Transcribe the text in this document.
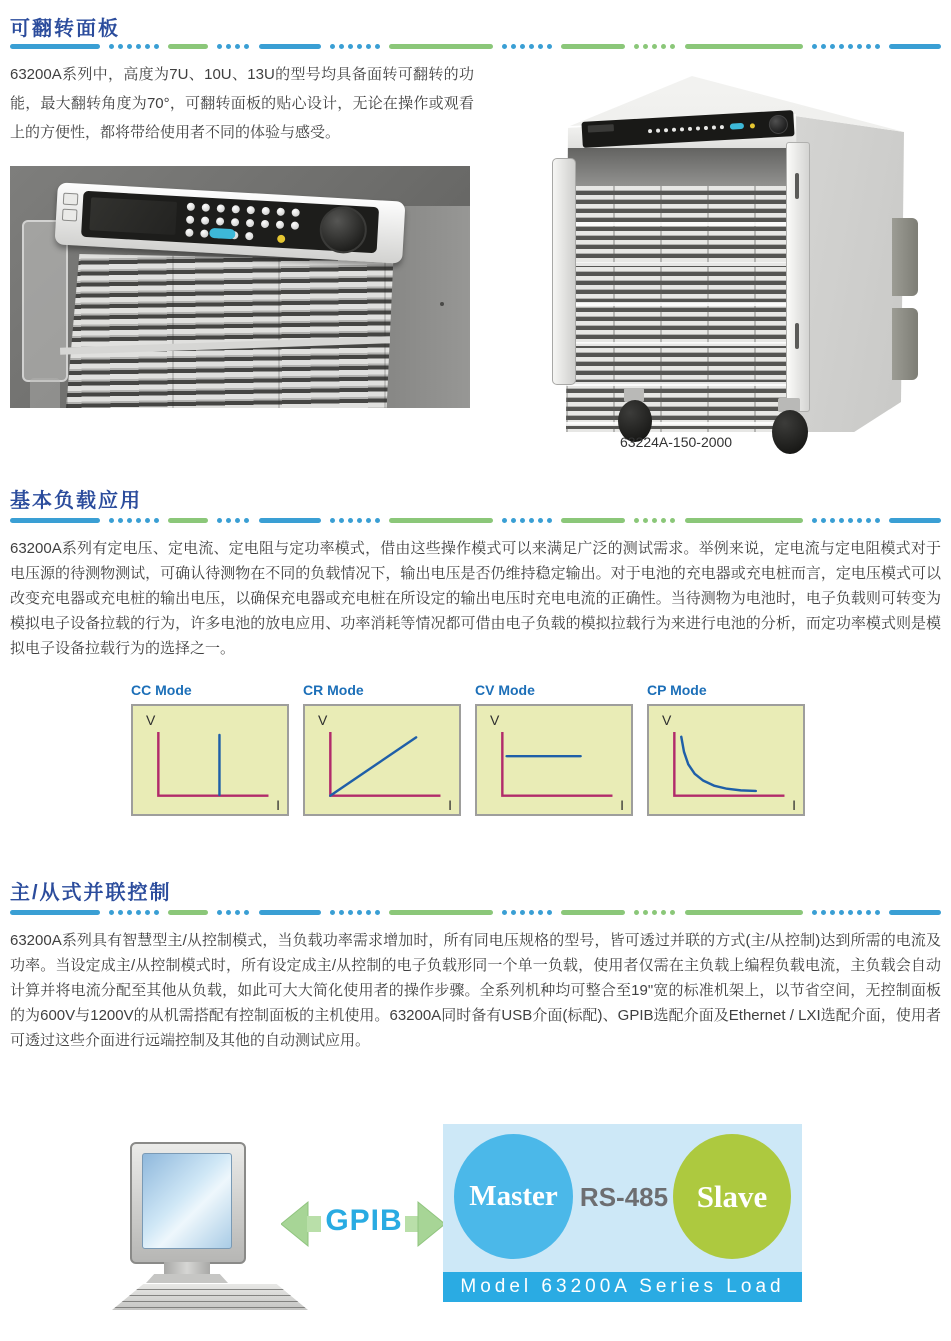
可翻转面板

63200A系列中，高度为7U、10U、13U的型号均具备面转可翻转的功能，最大翻转角度为70°，可翻转面板的贴心设计，无论在操作或观看上的方便性，都将带给使用者不同的体验与感受。

63224A-150-2000
基本负载应用

63200A系列有定电压、定电流、定电阻与定功率模式，借由这些操作模式可以来满足广泛的测试需求。举例来说，定电流与定电阻模式对于电压源的待测物测试，可确认待测物在不同的负载情况下，输出电压是否仍维持稳定输出。对于电池的充电器或充电桩而言，定电压模式可以改变充电器或充电桩的输出电压，以确保充电器或充电桩在所设定的输出电压时充电电流的正确性。当待测物为电池时，电子负载则可转变为模拟电子设备拉载的行为，许多电池的放电应用、功率消耗等情况都可借由电子负载的模拟拉载行为来进行电池的分析，而定功率模式则是模拟电子设备拉载行为的选择之一。

CC Mode
V
I
CR Mode
V
I
CV Mode
V
I
CP Mode
V
I
主/从式并联控制

63200A系列具有智慧型主/从控制模式，当负载功率需求增加时，所有同电压规格的型号，皆可透过并联的方式(主/从控制)达到所需的电流及功率。当设定成主/从控制模式时，所有设定成主/从控制的电子负载形同一个单一负载，使用者仅需在主负载上编程负载电流，主负载会自动计算并将电流分配至其他从负载，如此可大大简化使用者的操作步骤。全系列机种均可整合至19"宽的标准机架上，以节省空间，无控制面板的为600V与1200V的从机需搭配有控制面板的主机使用。63200A同时备有USB介面(标配)、GPIB选配介面及Ethernet / LXI选配介面，使用者可透过这些介面进行远端控制及其他的自动测试应用。

GPIB
Master RS-485 Slave
Model 63200A Series Load
